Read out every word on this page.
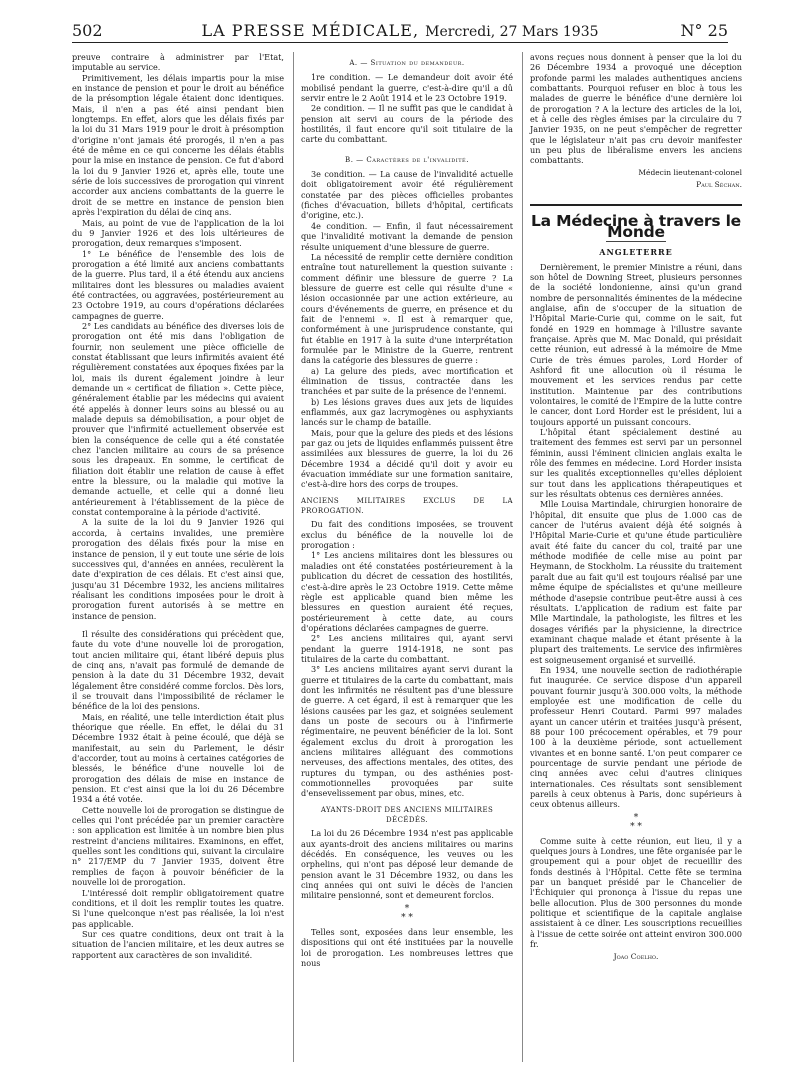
502	LA PRESSE MÉDICALE, Mercredi, 27 Mars 1935	N° 25

preuve contraire à administrer par l'Etat, imputable au service.

Primitivement, les délais impartis pour la mise en instance de pension et pour le droit au bénéfice de la présomption légale étaient donc identiques. Mais, il n'en a pas été ainsi pendant bien longtemps. En effet, alors que les délais fixés par la loi du 31 Mars 1919 pour le droit à présomption d'origine n'ont jamais été prorogés, il n'en a pas été de même en ce qui concerne les délais établis pour la mise en instance de pension. Ce fut d'abord la loi du 9 Janvier 1926 et, après elle, toute une série de lois successives de prorogation qui vinrent accorder aux anciens combattants de la guerre le droit de se mettre en instance de pension bien après l'expiration du délai de cinq ans.

Mais, au point de vue de l'application de la loi du 9 Janvier 1926 et des lois ultérieures de prorogation, deux remarques s'imposent.

1° Le bénéfice de l'ensemble des lois de prorogation a été limité aux anciens combattants de la guerre. Plus tard, il a été étendu aux anciens militaires dont les blessures ou maladies avaient été contractées, ou aggravées, postérieurement au 23 Octobre 1919, au cours d'opérations déclarées campagnes de guerre.

2° Les candidats au bénéfice des diverses lois de prorogation ont été mis dans l'obligation de fournir, non seulement une pièce officielle de constat établissant que leurs infirmités avaient été régulièrement constatées aux époques fixées par la loi, mais ils durent également joindre à leur demande un « certificat de filiation ». Cette pièce, généralement établie par les médecins qui avaient été appelés à donner leurs soins au blessé ou au malade depuis sa démobilisation, a pour objet de prouver que l'infirmité actuellement observée est bien la conséquence de celle qui a été constatée chez l'ancien militaire au cours de sa présence sous les drapeaux. En somme, le certificat de filiation doit établir une relation de cause à effet entre la blessure, ou la maladie qui motive la demande actuelle, et celle qui a donné lieu antérieurement à l'établissement de la pièce de constat contemporaine à la période d'activité.

A la suite de la loi du 9 Janvier 1926 qui accorda, à certains invalides, une première prorogation des délais fixés pour la mise en instance de pension, il y eut toute une série de lois successives qui, d'années en années, reculèrent la date d'expiration de ces délais. Et c'est ainsi que, jusqu'au 31 Décembre 1932, les anciens militaires réalisant les conditions imposées pour le droit à prorogation furent autorisés à se mettre en instance de pension.

Il résulte des considérations qui précèdent que, faute du vote d'une nouvelle loi de prorogation, tout ancien militaire qui, étant libéré depuis plus de cinq ans, n'avait pas formulé de demande de pension à la date du 31 Décembre 1932, devait légalement être considéré comme forclos. Dès lors, il se trouvait dans l'impossibilité de réclamer le bénéfice de la loi des pensions.

Mais, en réalité, une telle interdiction était plus théorique que réelle. En effet, le délai du 31 Décembre 1932 était à peine écoulé, que déjà se manifestait, au sein du Parlement, le désir d'accorder, tout au moins à certaines catégories de blessés, le bénéfice d'une nouvelle loi de prorogation des délais de mise en instance de pension. Et c'est ainsi que la loi du 26 Décembre 1934 a été votée.

Cette nouvelle loi de prorogation se distingue de celles qui l'ont précédée par un premier caractère : son application est limitée à un nombre bien plus restreint d'anciens militaires. Examinons, en effet, quelles sont les conditions qui, suivant la circulaire n° 217/EMP du 7 Janvier 1935, doivent être remplies de façon à pouvoir bénéficier de la nouvelle loi de prorogation.

L'intéressé doit remplir obligatoirement quatre conditions, et il doit les remplir toutes les quatre. Si l'une quelconque n'est pas réalisée, la loi n'est pas applicable.

Sur ces quatre conditions, deux ont trait à la situation de l'ancien militaire, et les deux autres se rapportent aux caractères de son invalidité.

A. — Situation du demandeur.

1re condition. — Le demandeur doit avoir été mobilisé pendant la guerre, c'est-à-dire qu'il a dû servir entre le 2 Août 1914 et le 23 Octobre 1919.

2e condition. — Il ne suffit pas que le candidat à pension ait servi au cours de la période des hostilités, il faut encore qu'il soit titulaire de la carte du combattant.

B. — Caractères de l'invalidité.

3e condition. — La cause de l'invalidité actuelle doit obligatoirement avoir été régulièrement constatée par des pièces officielles probantes (fiches d'évacuation, billets d'hôpital, certificats d'origine, etc.).

4e condition. — Enfin, il faut nécessairement que l'invalidité motivant la demande de pension résulte uniquement d'une blessure de guerre.

La nécessité de remplir cette dernière condition entraîne tout naturellement la question suivante : comment définir une blessure de guerre ? La blessure de guerre est celle qui résulte d'une « lésion occasionnée par une action extérieure, au cours d'événements de guerre, en présence et du fait de l'ennemi ». Il est à remarquer que, conformément à une jurisprudence constante, qui fut établie en 1917 à la suite d'une interprétation formulée par le Ministre de la Guerre, rentrent dans la catégorie des blessures de guerre :

a) La gelure des pieds, avec mortification et élimination de tissus, contractée dans les tranchées et par suite de la présence de l'ennemi.

b) Les lésions graves dues aux jets de liquides enflammés, aux gaz lacrymogènes ou asphyxiants lancés sur le champ de bataille.

Mais, pour que la gelure des pieds et des lésions par gaz ou jets de liquides enflammés puissent être assimilées aux blessures de guerre, la loi du 26 Décembre 1934 a décidé qu'il doit y avoir eu évacuation immédiate sur une formation sanitaire, c'est-à-dire hors des corps de troupes.

ANCIENS MILITAIRES EXCLUS DE LA PROROGATION.

Du fait des conditions imposées, se trouvent exclus du bénéfice de la nouvelle loi de prorogation :

1° Les anciens militaires dont les blessures ou maladies ont été constatées postérieurement à la publication du décret de cessation des hostilités, c'est-à-dire après le 23 Octobre 1919. Cette même règle est applicable quand bien même les blessures en question auraient été reçues, postérieurement à cette date, au cours d'opérations déclarées campagnes de guerre.

2° Les anciens militaires qui, ayant servi pendant la guerre 1914-1918, ne sont pas titulaires de la carte du combattant.

3° Les anciens militaires ayant servi durant la guerre et titulaires de la carte du combattant, mais dont les infirmités ne résultent pas d'une blessure de guerre. A cet égard, il est à remarquer que les lésions causées par les gaz, et soignées seulement dans un poste de secours ou à l'infirmerie régimentaire, ne peuvent bénéficier de la loi. Sont également exclus du droit à prorogation les anciens militaires alléguant des commotions nerveuses, des affections mentales, des otites, des ruptures du tympan, ou des asthénies post-commotionnelles provoquées par suite d'ensevelissement par obus, mines, etc.

AYANTS-DROIT DES ANCIENS MILITAIRES DÉCÉDÉS.

La loi du 26 Décembre 1934 n'est pas applicable aux ayants-droit des anciens militaires ou marins décédés. En conséquence, les veuves ou les orphelins, qui n'ont pas déposé leur demande de pension avant le 31 Décembre 1932, ou dans les cinq années qui ont suivi le décès de l'ancien militaire pensionné, sont et demeurent forclos.

*
* *

Telles sont, exposées dans leur ensemble, les dispositions qui ont été instituées par la nouvelle loi de prorogation. Les nombreuses lettres que nous

avons reçues nous donnent à penser que la loi du 26 Décembre 1934 a provoqué une déception profonde parmi les malades authentiques anciens combattants. Pourquoi refuser en bloc à tous les malades de guerre le bénéfice d'une dernière loi de prorogation ? A la lecture des articles de la loi, et à celle des règles émises par la circulaire du 7 Janvier 1935, on ne peut s'empêcher de regretter que le législateur n'ait pas cru devoir manifester un peu plus de libéralisme envers les anciens combattants.

Médecin lieutenant-colonel
Paul Séchan.
La Médecine à travers le Monde
ANGLETERRE

Dernièrement, le premier Ministre a réuni, dans son hôtel de Downing Street, plusieurs personnes de la société londonienne, ainsi qu'un grand nombre de personnalités éminentes de la médecine anglaise, afin de s'occuper de la situation de l'Hôpital Marie-Curie qui, comme on le sait, fut fondé en 1929 en hommage à l'illustre savante française. Après que M. Mac Donald, qui présidait cette réunion, eut adressé à la mémoire de Mme Curie de très émues paroles, Lord Horder of Ashford fit une allocution où il résuma le mouvement et les services rendus par cette institution. Maintenue par des contributions volontaires, le comité de l'Empire de la lutte contre le cancer, dont Lord Horder est le président, lui a toujours apporté un puissant concours.

L'hôpital étant spécialement destiné au traitement des femmes est servi par un personnel féminin, aussi l'éminent clinicien anglais exalta le rôle des femmes en médecine. Lord Horder insista sur les qualités exceptionnelles qu'elles déploient sur tout dans les applications thérapeutiques et sur les résultats obtenus ces dernières années.

Mlle Louisa Martindale, chirurgien honoraire de l'hôpital, dit ensuite que plus de 1.000 cas de cancer de l'utérus avaient déjà été soignés à l'Hôpital Marie-Curie et qu'une étude particulière avait été faite du cancer du col, traité par une méthode modifiée de celle mise au point par Heymann, de Stockholm. La réussite du traitement paraît due au fait qu'il est toujours réalisé par une même équipe de spécialistes et qu'une meilleure méthode d'asepsie contribue peut-être aussi à ces résultats. L'application de radium est faite par Mlle Martindale, la pathologiste, les filtres et les dosages vérifiés par la physicienne, la directrice examinant chaque malade et étant présente à la plupart des traitements. Le service des infirmières est soigneusement organisé et surveillé.

En 1934, une nouvelle section de radiothérapie fut inaugurée. Ce service dispose d'un appareil pouvant fournir jusqu'à 300.000 volts, la méthode employée est une modification de celle du professeur Henri Coutard. Parmi 997 malades ayant un cancer utérin et traitées jusqu'à présent, 88 pour 100 précocement opérables, et 79 pour 100 à la deuxième période, sont actuellement vivantes et en bonne santé. L'on peut comparer ce pourcentage de survie pendant une période de cinq années avec celui d'autres cliniques internationales. Ces résultats sont sensiblement pareils à ceux obtenus à Paris, donc supérieurs à ceux obtenus ailleurs.

*
* *

Comme suite à cette réunion, eut lieu, il y a quelques jours à Londres, une fête organisée par le groupement qui a pour objet de recueillir des fonds destinés à l'Hôpital. Cette fête se termina par un banquet présidé par le Chancelier de l'Échiquier qui prononça à l'issue du repas une belle allocution. Plus de 300 personnes du monde politique et scientifique de la capitale anglaise assistaient à ce dîner. Les souscriptions recueillies à l'issue de cette soirée ont atteint environ 300.000 fr.

Joao Coelho.
